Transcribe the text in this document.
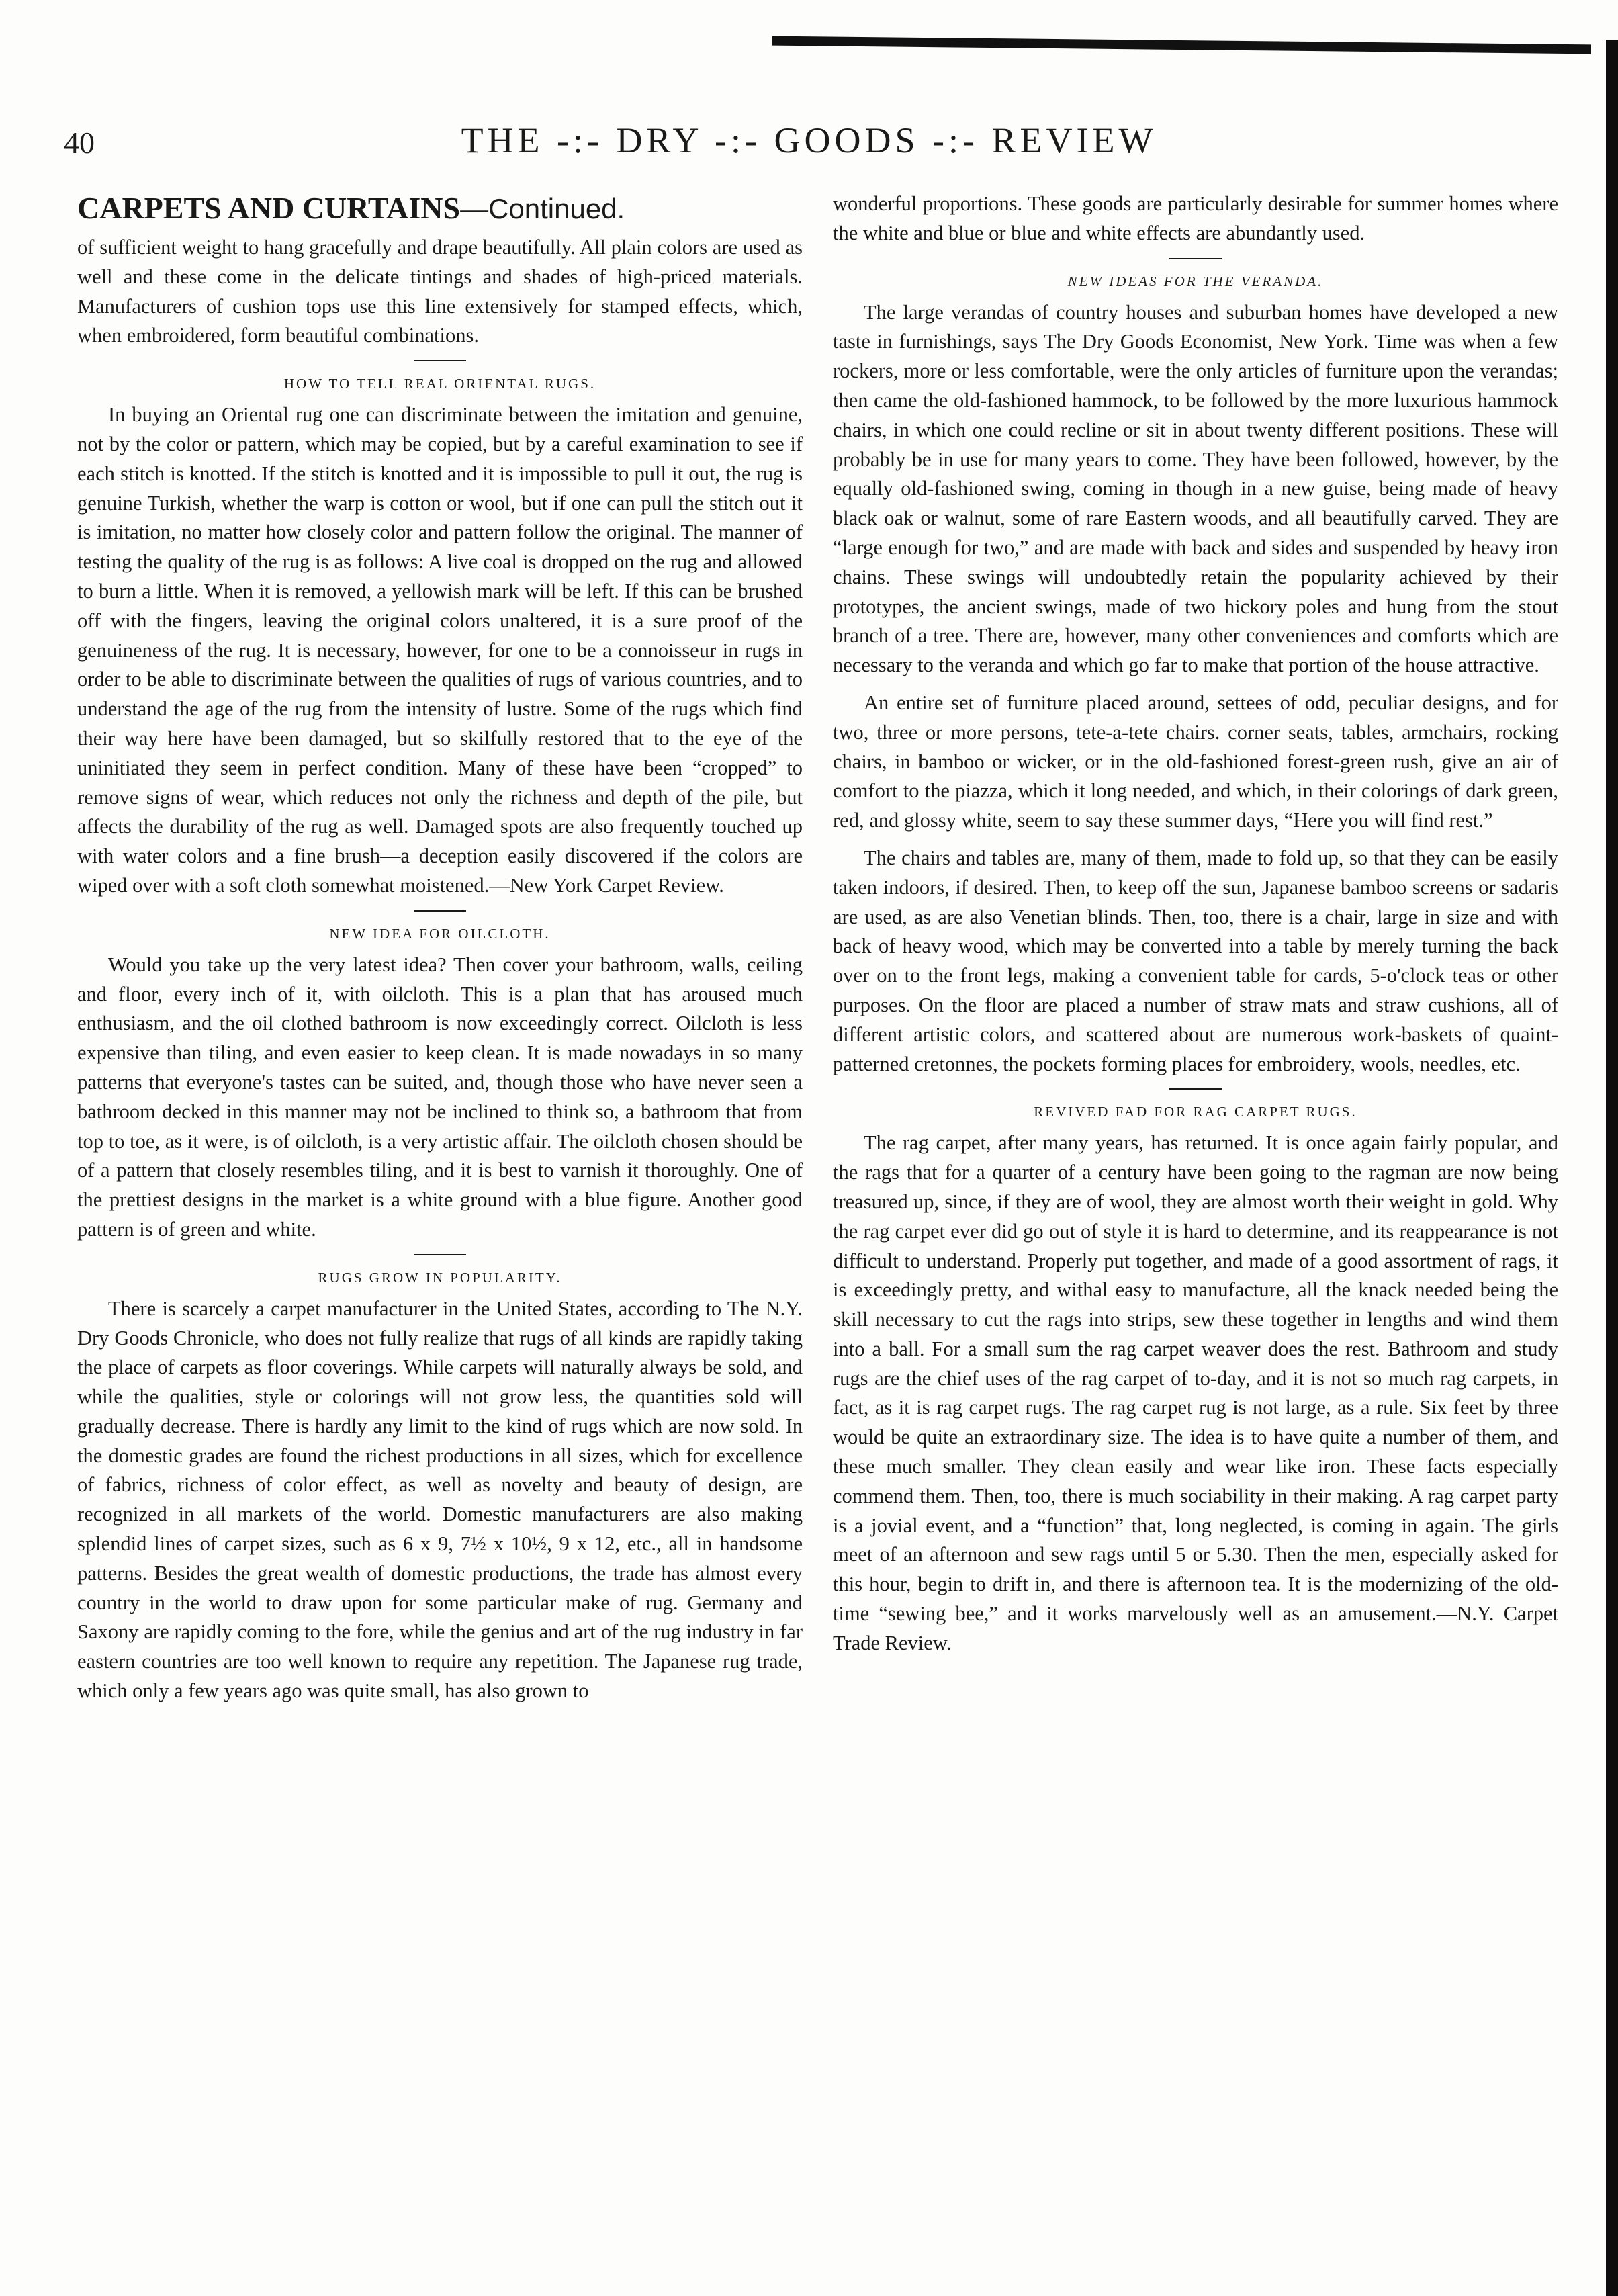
40	THE -:- DRY -:- GOODS -:- REVIEW
CARPETS AND CURTAINS—Continued.

of sufficient weight to hang gracefully and drape beautifully. All plain colors are used as well and these come in the delicate tintings and shades of high-priced materials. Manufacturers of cushion tops use this line extensively for stamped effects, which, when embroidered, form beautiful combinations.

HOW TO TELL REAL ORIENTAL RUGS.

In buying an Oriental rug one can discriminate between the imitation and genuine, not by the color or pattern, which may be copied, but by a careful examination to see if each stitch is knotted. If the stitch is knotted and it is impossible to pull it out, the rug is genuine Turkish, whether the warp is cotton or wool, but if one can pull the stitch out it is imitation, no matter how closely color and pattern follow the original. The manner of testing the quality of the rug is as follows: A live coal is dropped on the rug and allowed to burn a little. When it is removed, a yellowish mark will be left. If this can be brushed off with the fingers, leaving the original colors unaltered, it is a sure proof of the genuineness of the rug. It is necessary, however, for one to be a connoisseur in rugs in order to be able to discriminate between the qualities of rugs of various countries, and to understand the age of the rug from the intensity of lustre. Some of the rugs which find their way here have been damaged, but so skilfully restored that to the eye of the uninitiated they seem in perfect condition. Many of these have been “cropped” to remove signs of wear, which reduces not only the richness and depth of the pile, but affects the durability of the rug as well. Damaged spots are also frequently touched up with water colors and a fine brush—a deception easily discovered if the colors are wiped over with a soft cloth somewhat moistened.—New York Carpet Review.

NEW IDEA FOR OILCLOTH.

Would you take up the very latest idea? Then cover your bathroom, walls, ceiling and floor, every inch of it, with oilcloth. This is a plan that has aroused much enthusiasm, and the oil clothed bathroom is now exceedingly correct. Oilcloth is less expensive than tiling, and even easier to keep clean. It is made nowadays in so many patterns that everyone's tastes can be suited, and, though those who have never seen a bathroom decked in this manner may not be inclined to think so, a bathroom that from top to toe, as it were, is of oilcloth, is a very artistic affair. The oilcloth chosen should be of a pattern that closely resembles tiling, and it is best to varnish it thoroughly. One of the prettiest designs in the market is a white ground with a blue figure. Another good pattern is of green and white.

RUGS GROW IN POPULARITY.

There is scarcely a carpet manufacturer in the United States, according to The N.Y. Dry Goods Chronicle, who does not fully realize that rugs of all kinds are rapidly taking the place of carpets as floor coverings. While carpets will naturally always be sold, and while the qualities, style or colorings will not grow less, the quantities sold will gradually decrease. There is hardly any limit to the kind of rugs which are now sold. In the domestic grades are found the richest productions in all sizes, which for excellence of fabrics, richness of color effect, as well as novelty and beauty of design, are recognized in all markets of the world. Domestic manufacturers are also making splendid lines of carpet sizes, such as 6 x 9, 7½ x 10½, 9 x 12, etc., all in handsome patterns. Besides the great wealth of domestic productions, the trade has almost every country in the world to draw upon for some particular make of rug. Germany and Saxony are rapidly coming to the fore, while the genius and art of the rug industry in far eastern countries are too well known to require any repetition. The Japanese rug trade, which only a few years ago was quite small, has also grown to

wonderful proportions. These goods are particularly desirable for summer homes where the white and blue or blue and white effects are abundantly used.

NEW IDEAS FOR THE VERANDA.

The large verandas of country houses and suburban homes have developed a new taste in furnishings, says The Dry Goods Economist, New York. Time was when a few rockers, more or less comfortable, were the only articles of furniture upon the verandas; then came the old-fashioned hammock, to be followed by the more luxurious hammock chairs, in which one could recline or sit in about twenty different positions. These will probably be in use for many years to come. They have been followed, however, by the equally old-fashioned swing, coming in though in a new guise, being made of heavy black oak or walnut, some of rare Eastern woods, and all beautifully carved. They are “large enough for two,” and are made with back and sides and suspended by heavy iron chains. These swings will undoubtedly retain the popularity achieved by their prototypes, the ancient swings, made of two hickory poles and hung from the stout branch of a tree. There are, however, many other conveniences and comforts which are necessary to the veranda and which go far to make that portion of the house attractive.

An entire set of furniture placed around, settees of odd, peculiar designs, and for two, three or more persons, tete-a-tete chairs. corner seats, tables, armchairs, rocking chairs, in bamboo or wicker, or in the old-fashioned forest-green rush, give an air of comfort to the piazza, which it long needed, and which, in their colorings of dark green, red, and glossy white, seem to say these summer days, “Here you will find rest.”

The chairs and tables are, many of them, made to fold up, so that they can be easily taken indoors, if desired. Then, to keep off the sun, Japanese bamboo screens or sadaris are used, as are also Venetian blinds. Then, too, there is a chair, large in size and with back of heavy wood, which may be converted into a table by merely turning the back over on to the front legs, making a convenient table for cards, 5-o'clock teas or other purposes. On the floor are placed a number of straw mats and straw cushions, all of different artistic colors, and scattered about are numerous work-baskets of quaint-patterned cretonnes, the pockets forming places for embroidery, wools, needles, etc.

REVIVED FAD FOR RAG CARPET RUGS.

The rag carpet, after many years, has returned. It is once again fairly popular, and the rags that for a quarter of a century have been going to the ragman are now being treasured up, since, if they are of wool, they are almost worth their weight in gold. Why the rag carpet ever did go out of style it is hard to determine, and its reappearance is not difficult to understand. Properly put together, and made of a good assortment of rags, it is exceedingly pretty, and withal easy to manufacture, all the knack needed being the skill necessary to cut the rags into strips, sew these together in lengths and wind them into a ball. For a small sum the rag carpet weaver does the rest. Bathroom and study rugs are the chief uses of the rag carpet of to-day, and it is not so much rag carpets, in fact, as it is rag carpet rugs. The rag carpet rug is not large, as a rule. Six feet by three would be quite an extraordinary size. The idea is to have quite a number of them, and these much smaller. They clean easily and wear like iron. These facts especially commend them. Then, too, there is much sociability in their making. A rag carpet party is a jovial event, and a “function” that, long neglected, is coming in again. The girls meet of an afternoon and sew rags until 5 or 5.30. Then the men, especially asked for this hour, begin to drift in, and there is afternoon tea. It is the modernizing of the old-time “sewing bee,” and it works marvelously well as an amusement.—N.Y. Carpet Trade Review.
